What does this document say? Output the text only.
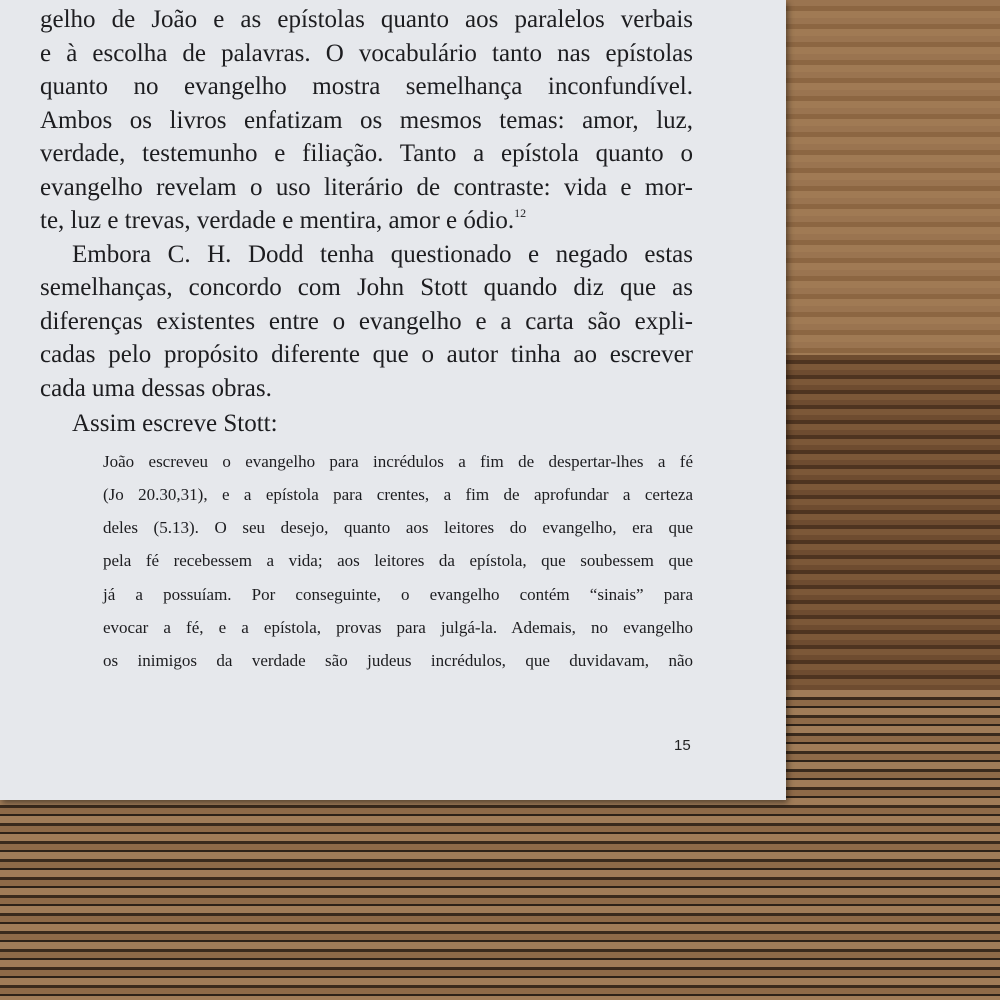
gelho de João e as epístolas quanto aos paralelos verbais
e à escolha de palavras. O vocabulário tanto nas epístolas
quanto no evangelho mostra semelhança inconfundível.
Ambos os livros enfatizam os mesmos temas: amor, luz,
verdade, testemunho e filiação. Tanto a epístola quanto o
evangelho revelam o uso literário de contraste: vida e mor-
te, luz e trevas, verdade e mentira, amor e ódio.$^{12}$
Embora C. H. Dodd tenha questionado e negado estas
semelhanças, concordo com John Stott quando diz que as
diferenças existentes entre o evangelho e a carta são expli-
cadas pelo propósito diferente que o autor tinha ao escrever
cada uma dessas obras.
Assim escreve Stott:
João escreveu o evangelho para incrédulos a fim de despertar-lhes a fé
(Jo 20.30,31), e a epístola para crentes, a fim de aprofundar a certeza
deles (5.13). O seu desejo, quanto aos leitores do evangelho, era que
pela fé recebessem a vida; aos leitores da epístola, que soubessem que
já a possuíam. Por conseguinte, o evangelho contém “sinais” para
evocar a fé, e a epístola, provas para julgá-la. Ademais, no evangelho
os inimigos da verdade são judeus incrédulos, que duvidavam, não
15
